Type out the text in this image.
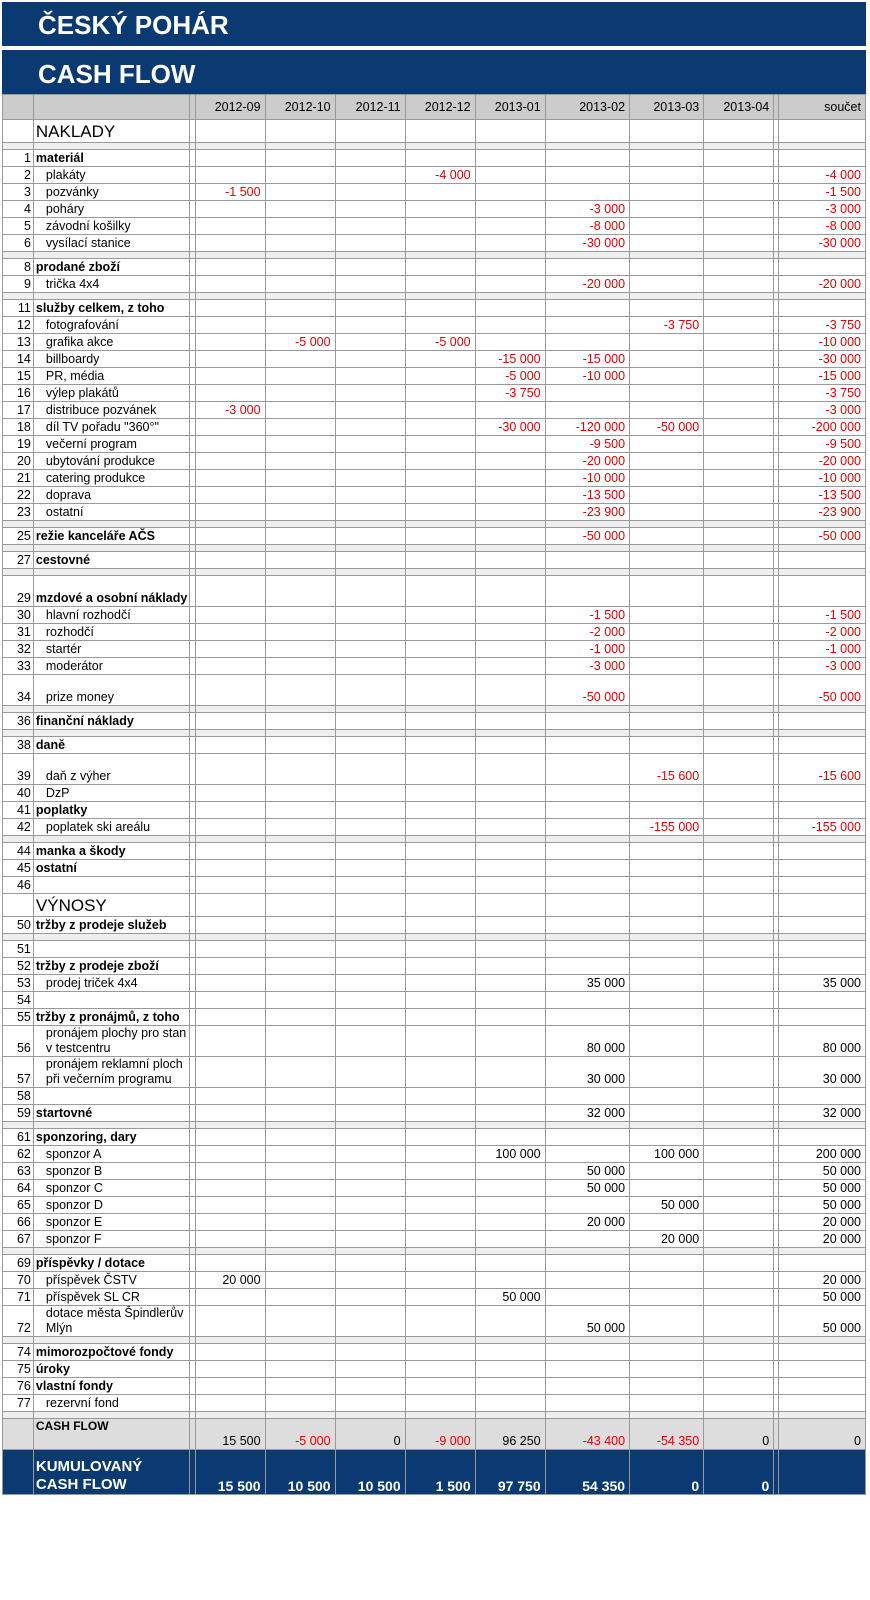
ČESKÝ POHÁR
CASH FLOW
			2012-09	2012-10	2012-11	2012-12	2013-01	2013-02	2013-03	2013-04		součet
	NAKLADY											

1	materiál											
2	plakáty					-4 000						-4 000
3	pozvánky		-1 500									-1 500
4	poháry							-3 000				-3 000
5	závodní košilky							-8 000				-8 000
6	vysílací stanice							-30 000				-30 000

8	prodané zboží											
9	trička 4x4							-20 000				-20 000

11	služby celkem, z toho											
12	fotografování								-3 750			-3 750
13	grafika akce			-5 000		-5 000						-10 000
14	billboardy						-15 000	-15 000				-30 000
15	PR, média						-5 000	-10 000				-15 000
16	výlep plakátů						-3 750					-3 750
17	distribuce pozvánek		-3 000									-3 000
18	díl TV pořadu "360°"						-30 000	-120 000	-50 000			-200 000
19	večerní program							-9 500				-9 500
20	ubytování produkce							-20 000				-20 000
21	catering produkce							-10 000				-10 000
22	doprava							-13 500				-13 500
23	ostatní							-23 900				-23 900

25	režie kanceláře AČS							-50 000				-50 000

27	cestovné											

29	mzdové a osobní náklady											
30	hlavní rozhodčí							-1 500				-1 500
31	rozhodčí							-2 000				-2 000
32	startér							-1 000				-1 000
33	moderátor							-3 000				-3 000
34	prize money							-50 000				-50 000

36	finanční náklady											

38	daně											
39	daň z výher								-15 600			-15 600
40	DzP											
41	poplatky											
42	poplatek ski areálu								-155 000			-155 000

44	manka a škody											
45	ostatní											
46												
	VÝNOSY											
50	tržby z prodeje služeb											

51												
52	tržby z prodeje zboží											
53	prodej triček 4x4							35 000				35 000
54												
55	tržby z pronájmů, z toho											
56	pronájem plochy pro stan v testcentru							80 000				80 000
57	pronájem reklamní ploch při večerním programu							30 000				30 000
58												
59	startovné							32 000				32 000

61	sponzoring, dary											
62	sponzor A						100 000		100 000			200 000
63	sponzor B							50 000				50 000
64	sponzor C							50 000				50 000
65	sponzor D								50 000			50 000
66	sponzor E							20 000				20 000
67	sponzor F								20 000			20 000

69	příspěvky / dotace											
70	příspěvek ČSTV		20 000									20 000
71	příspěvek SL CR						50 000					50 000
72	dotace města Špindlerův Mlýn							50 000				50 000

74	mimorozpočtové fondy											
75	úroky											
76	vlastní fondy											
77	rezervní fond											

	CASH FLOW		15 500	-5 000	0	-9 000	96 250	-43 400	-54 350	0		0
	KUMULOVANÝ CASH FLOW		15 500	10 500	10 500	1 500	97 750	54 350	0	0		
